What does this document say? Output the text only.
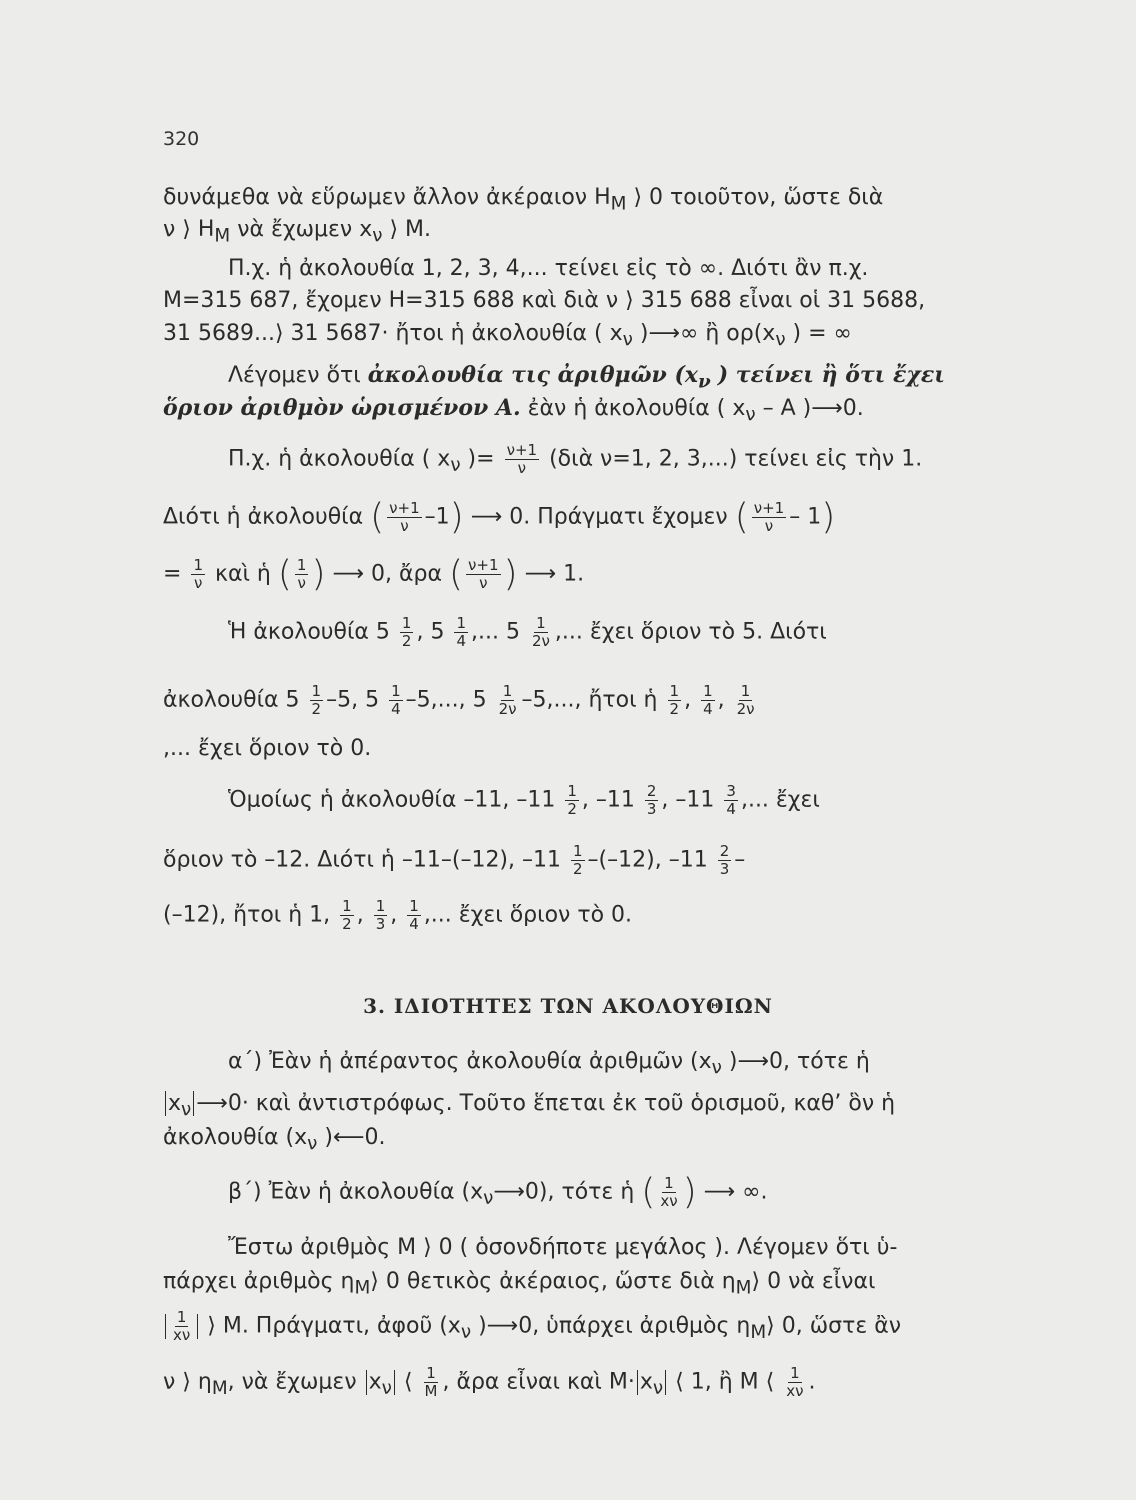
320
δυνάμεθα νὰ εὕρωμεν ἄλλον ἀκέραιον $H_M$ ⟩ 0 τοιοῦτον, ὥστε διὰ
ν ⟩ $H_M$ νὰ ἔχωμεν $x_\nu$ ⟩ M.
Π.χ. ἡ ἀκολουθία 1, 2, 3, 4,... τείνει εἰς τὸ ∞. Διότι ἂν π.χ.
M=315 687, ἔχομεν Η=315 688 καὶ διὰ ν ⟩ 315 688 εἶναι οἱ 31 5688,
31 5689...⟩ 31 5687· ἤτοι ἡ ἀκολουθία ( $x_\nu$ )⟶∞ ἢ $o\rho(x_\nu$ ) = ∞
Λέγομεν ὅτι ἀκολουθία τις ἀριθμῶν ($x_\nu$ ) τείνει ἢ ὅτι ἔχει
ὅριον ἀριθμὸν ὡρισμένον Α. ἐὰν ἡ ἀκολουθία ( $x_\nu$ – Α )⟶0.
Π.χ. ἡ ἀκολουθία ( $x_\nu$ )= $\frac{\nu+1}{\nu}$ (διὰ ν=1, 2, 3,...) τείνει εἰς τὴν 1.
Διότι ἡ ἀκολουθία ( $\frac{\nu+1}{\nu} -1$) ⟶ 0. Πράγματι ἔχομεν ( $\frac{\nu+1}{\nu} - 1$)
= $\frac{1}{\nu}$ καὶ ἡ ( $\frac{1}{\nu}$ ) ⟶ 0, ἄρα ( $\frac{\nu+1}{\nu}$ ) ⟶ 1.
Ἡ ἀκολουθία $5 \frac{1}{2}$ , $5 \frac{1}{4}$ ,... $5 \frac{1}{2\nu}$ ,... ἔχει ὅριον τὸ 5. Διότι
ἀκολουθία $5 \frac{1}{2} -5$, $5 \frac{1}{4} -5$,..., $5 \frac{1}{2\nu} -5$,..., ἤτοι ἡ $\frac{1}{2}$ , $\frac{1}{4}$ , $\frac{1}{2\nu}$
,... ἔχει ὅριον τὸ 0.
Ὁμοίως ἡ ἀκολουθία –11, $-11 \frac{1}{2}$ , $-11 \frac{2}{3}$ , $-11 \frac{3}{4}$ ,... ἔχει
ὅριον τὸ –12. Διότι ἡ –11–(–12), $-11 \frac{1}{2} -(-12)$, $-11 \frac{2}{3}$ –
(–12), ἤτοι ἡ 1, $\frac{1}{2}$ , $\frac{1}{3}$ , $\frac{1}{4}$ ,... ἔχει ὅριον τὸ 0.
3. ΙΔΙΟΤΗΤΕΣ ΤΩΝ ΑΚΟΛΟΥΘΙΩΝ
α΄) Ἐὰν ἡ ἀπέραντος ἀκολουθία ἀριθμῶν ($x_\nu$ )⟶0, τότε ἡ
$x_\nu$ ⟶0· καὶ ἀντιστρόφως. Τοῦτο ἕπεται ἐκ τοῦ ὁρισμοῦ, καθ’ ὃν ἡ
ἀκολουθία ($x_\nu$ )⟵0.
β΄) Ἐὰν ἡ ἀκολουθία $(x_\nu⟶0)$, τότε ἡ ( $\frac{1}{x\nu}$ ) ⟶ ∞.
Ἔστω ἀριθμὸς M ⟩ 0 ( ὁσονδήποτε μεγάλος ). Λέγομεν ὅτι ὑ-
πάρχει ἀριθμὸς $\eta_M⟩$ 0 θετικὸς ἀκέραιος, ὥστε διὰ $\eta_M⟩$ 0 νὰ εἶναι
$\frac{1}{x\nu}$ ⟩ M. Πράγματι, ἀφοῦ ($x_\nu$ )⟶0, ὑπάρχει ἀριθμὸς $\eta_M⟩$ 0, ὥστε ἂν
ν ⟩ $\eta_M$, νὰ ἔχωμεν $x_\nu$ ⟨ $\frac{1}{M}$ , ἄρα εἶναι καὶ $M\cdot x_\nu$ ⟨ 1, ἢ M ⟨ $\frac{1}{x\nu}$ .
